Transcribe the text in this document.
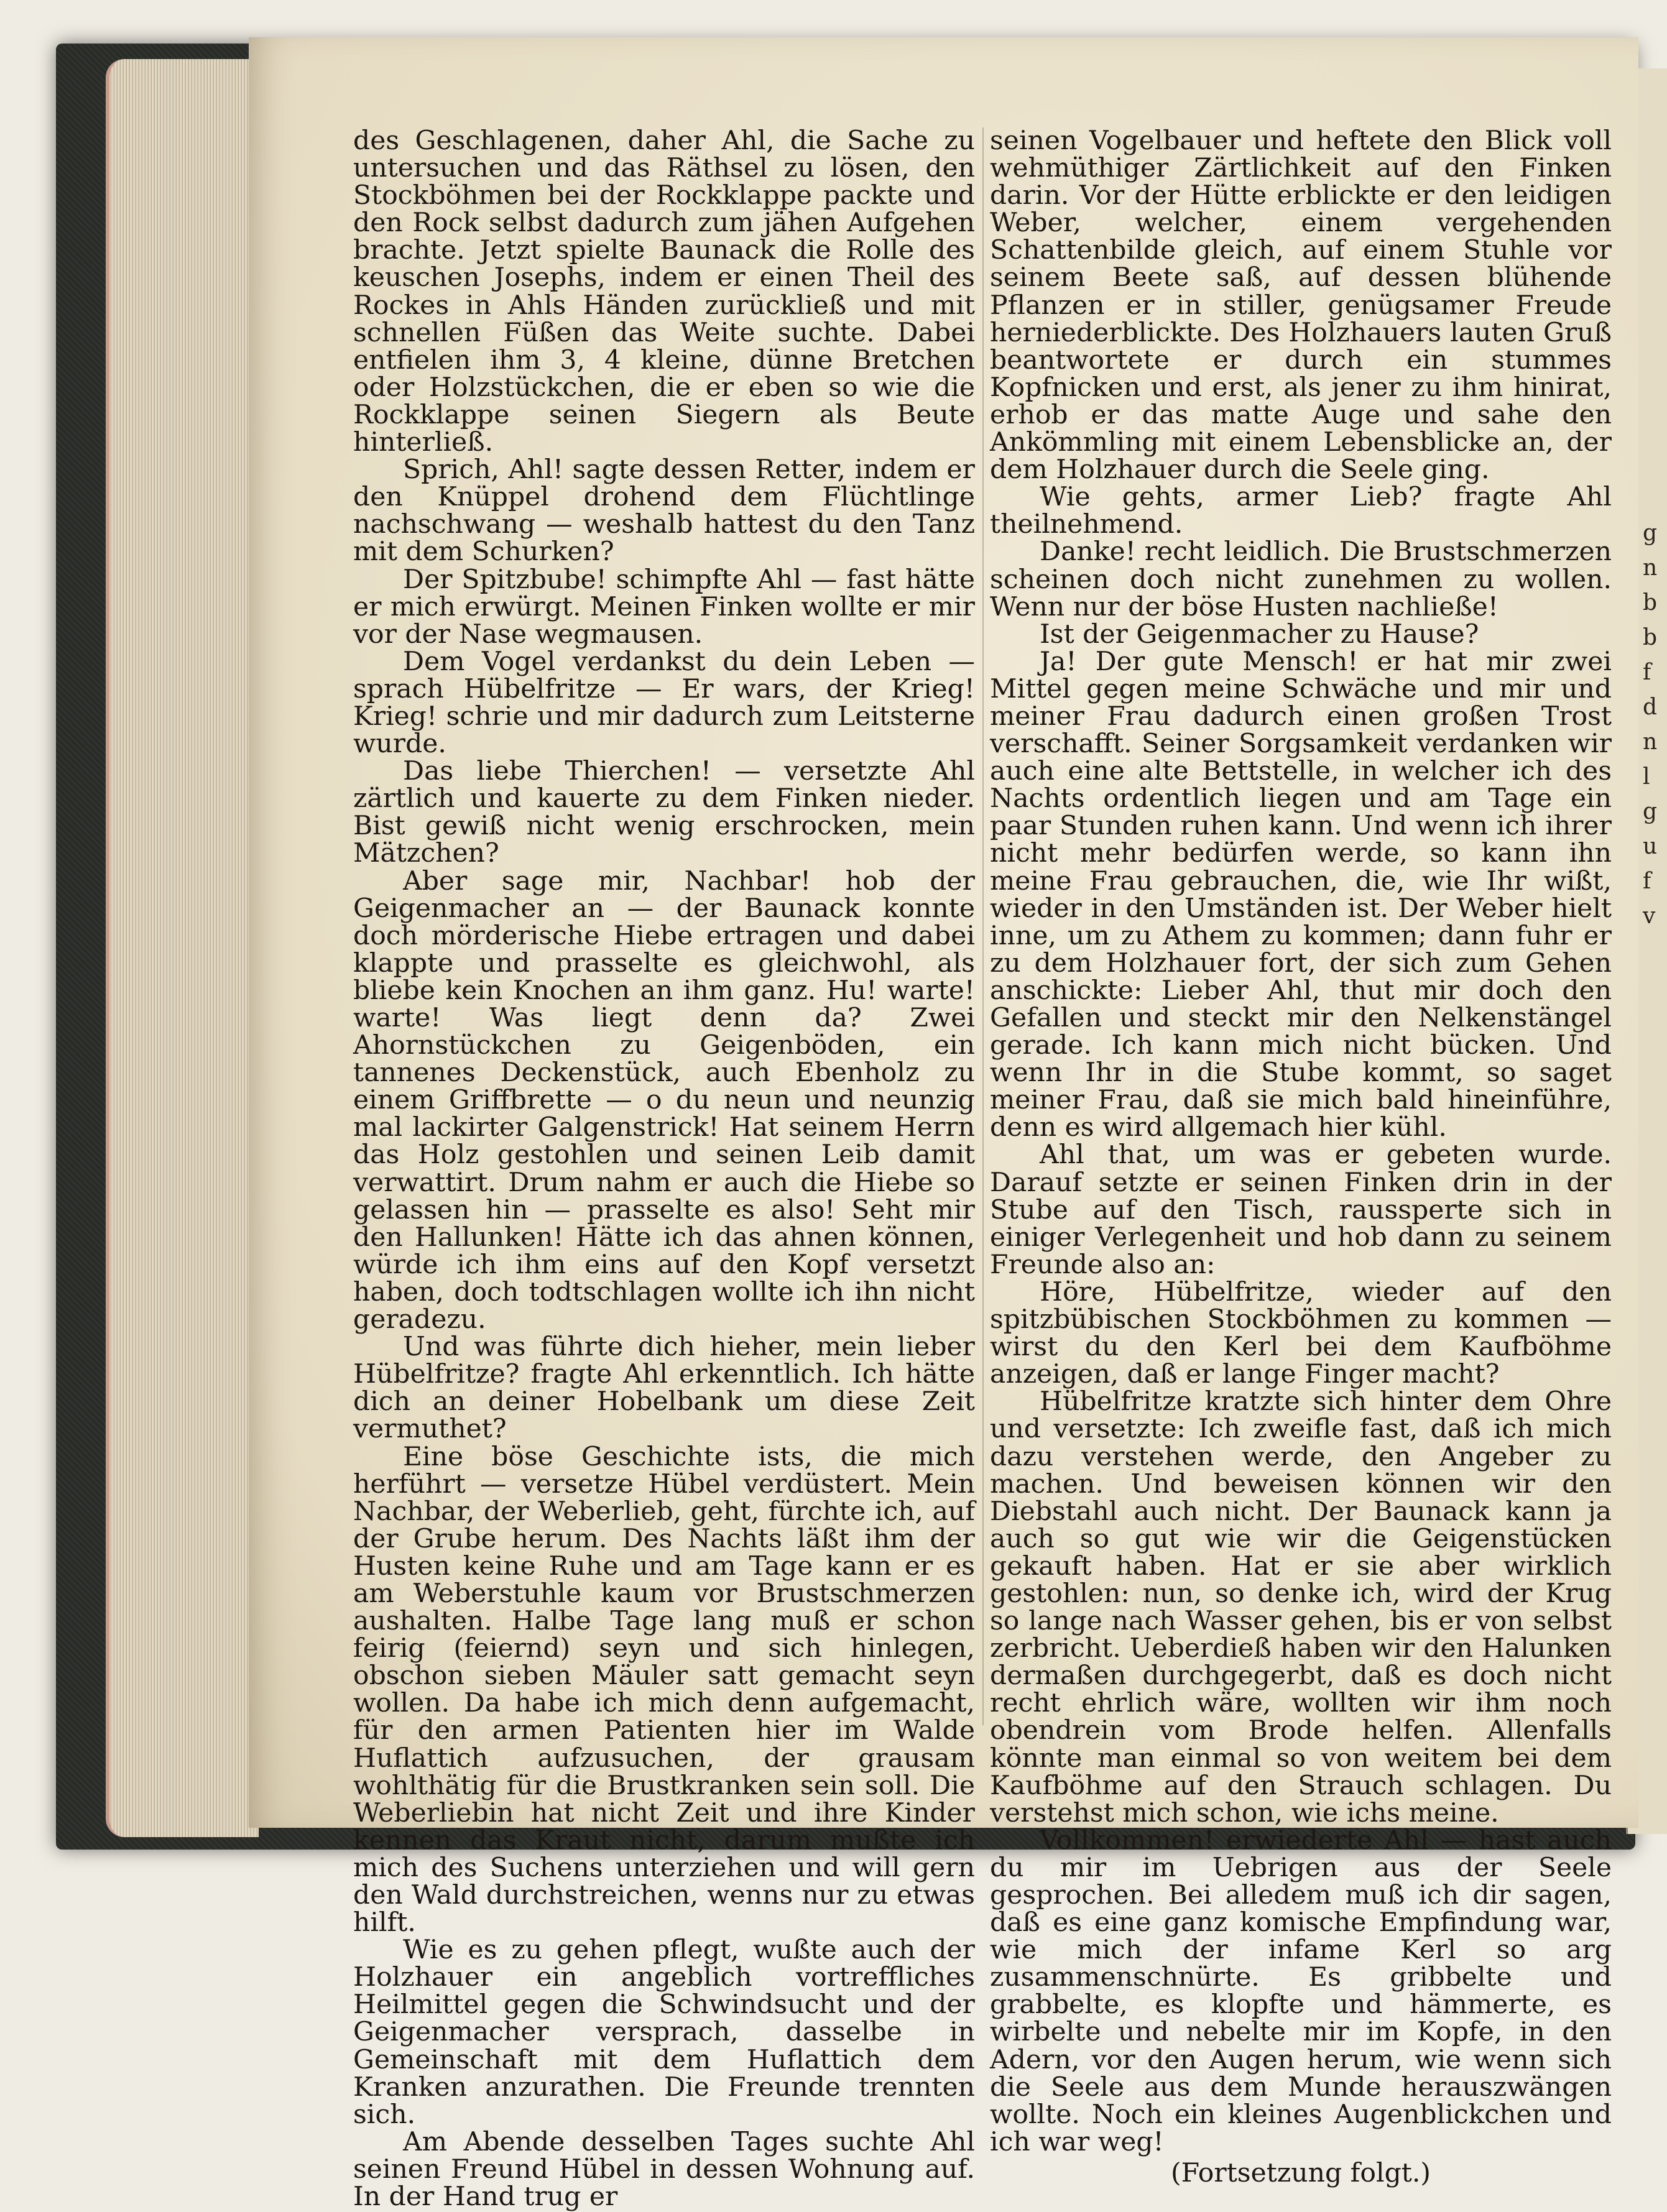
g
n
b
b
f
d
n
l
g
u
f
v

des Geschlagenen, daher Ahl, die Sache zu untersuchen und das Räthsel zu lösen, den Stockböhmen bei der Rockklappe packte und den Rock selbst dadurch zum jähen Aufgehen brachte. Jetzt spielte Baunack die Rolle des keuschen Josephs, indem er einen Theil des Rockes in Ahls Händen zurückließ und mit schnellen Füßen das Weite suchte. Dabei entfielen ihm 3, 4 kleine, dünne Bretchen oder Holzstückchen, die er eben so wie die Rockklappe seinen Siegern als Beute hinterließ.

Sprich, Ahl! sagte dessen Retter, indem er den Knüppel drohend dem Flüchtlinge nachschwang — weshalb hattest du den Tanz mit dem Schurken?

Der Spitzbube! schimpfte Ahl — fast hätte er mich erwürgt. Meinen Finken wollte er mir vor der Nase wegmausen.

Dem Vogel verdankst du dein Leben — sprach Hübelfritze — Er wars, der Krieg! Krieg! schrie und mir dadurch zum Leitsterne wurde.

Das liebe Thierchen! — versetzte Ahl zärtlich und kauerte zu dem Finken nieder. Bist gewiß nicht wenig erschrocken, mein Mätzchen?

Aber sage mir, Nachbar! hob der Geigenmacher an — der Baunack konnte doch mörderische Hiebe ertragen und dabei klappte und prasselte es gleichwohl, als bliebe kein Knochen an ihm ganz. Hu! warte! warte! Was liegt denn da? Zwei Ahornstückchen zu Geigenböden, ein tannenes Deckenstück, auch Ebenholz zu einem Griffbrette — o du neun und neunzig mal lackirter Galgenstrick! Hat seinem Herrn das Holz gestohlen und seinen Leib damit verwattirt. Drum nahm er auch die Hiebe so gelassen hin — prasselte es also! Seht mir den Hallunken! Hätte ich das ahnen können, würde ich ihm eins auf den Kopf versetzt haben, doch todtschlagen wollte ich ihn nicht geradezu.

Und was führte dich hieher, mein lieber Hübelfritze? fragte Ahl erkenntlich. Ich hätte dich an deiner Hobelbank um diese Zeit vermuthet?

Eine böse Geschichte ists, die mich herführt — versetze Hübel verdüstert. Mein Nachbar, der Weberlieb, geht, fürchte ich, auf der Grube herum. Des Nachts läßt ihm der Husten keine Ruhe und am Tage kann er es am Weberstuhle kaum vor Brustschmerzen aushalten. Halbe Tage lang muß er schon feirig (feiernd) seyn und sich hinlegen, obschon sieben Mäuler satt gemacht seyn wollen. Da habe ich mich denn aufgemacht, für den armen Patienten hier im Walde Huflattich aufzusuchen, der grausam wohlthätig für die Brustkranken sein soll. Die Weberliebin hat nicht Zeit und ihre Kinder kennen das Kraut nicht, darum mußte ich mich des Suchens unterziehen und will gern den Wald durchstreichen, wenns nur zu etwas hilft.

Wie es zu gehen pflegt, wußte auch der Holzhauer ein angeblich vortreffliches Heilmittel gegen die Schwindsucht und der Geigenmacher versprach, dasselbe in Gemeinschaft mit dem Huflattich dem Kranken anzurathen. Die Freunde trennten sich.

Am Abende desselben Tages suchte Ahl seinen Freund Hübel in dessen Wohnung auf. In der Hand trug er

seinen Vogelbauer und heftete den Blick voll wehmüthiger Zärtlichkeit auf den Finken darin. Vor der Hütte erblickte er den leidigen Weber, welcher, einem vergehenden Schattenbilde gleich, auf einem Stuhle vor seinem Beete saß, auf dessen blühende Pflanzen er in stiller, genügsamer Freude herniederblickte. Des Holzhauers lauten Gruß beantwortete er durch ein stummes Kopfnicken und erst, als jener zu ihm hinirat, erhob er das matte Auge und sahe den Ankömmling mit einem Lebensblicke an, der dem Holzhauer durch die Seele ging.

Wie gehts, armer Lieb? fragte Ahl theilnehmend.

Danke! recht leidlich. Die Brustschmerzen scheinen doch nicht zunehmen zu wollen. Wenn nur der böse Husten nachließe!

Ist der Geigenmacher zu Hause?

Ja! Der gute Mensch! er hat mir zwei Mittel gegen meine Schwäche und mir und meiner Frau dadurch einen großen Trost verschafft. Seiner Sorgsamkeit verdanken wir auch eine alte Bettstelle, in welcher ich des Nachts ordentlich liegen und am Tage ein paar Stunden ruhen kann. Und wenn ich ihrer nicht mehr bedürfen werde, so kann ihn meine Frau gebrauchen, die, wie Ihr wißt, wieder in den Umständen ist. Der Weber hielt inne, um zu Athem zu kommen; dann fuhr er zu dem Holzhauer fort, der sich zum Gehen anschickte: Lieber Ahl, thut mir doch den Gefallen und steckt mir den Nelkenstängel gerade. Ich kann mich nicht bücken. Und wenn Ihr in die Stube kommt, so saget meiner Frau, daß sie mich bald hineinführe, denn es wird allgemach hier kühl.

Ahl that, um was er gebeten wurde. Darauf setzte er seinen Finken drin in der Stube auf den Tisch, raussperte sich in einiger Verlegenheit und hob dann zu seinem Freunde also an:

Höre, Hübelfritze, wieder auf den spitzbübischen Stockböhmen zu kommen — wirst du den Kerl bei dem Kaufböhme anzeigen, daß er lange Finger macht?

Hübelfritze kratzte sich hinter dem Ohre und versetzte: Ich zweifle fast, daß ich mich dazu verstehen werde, den Angeber zu machen. Und beweisen können wir den Diebstahl auch nicht. Der Baunack kann ja auch so gut wie wir die Geigenstücken gekauft haben. Hat er sie aber wirklich gestohlen: nun, so denke ich, wird der Krug so lange nach Wasser gehen, bis er von selbst zerbricht. Ueberdieß haben wir den Halunken dermaßen durchgegerbt, daß es doch nicht recht ehrlich wäre, wollten wir ihm noch obendrein vom Brode helfen. Allenfalls könnte man einmal so von weitem bei dem Kaufböhme auf den Strauch schlagen. Du verstehst mich schon, wie ichs meine.

Vollkommen! erwiederte Ahl — hast auch du mir im Uebrigen aus der Seele gesprochen. Bei alledem muß ich dir sagen, daß es eine ganz komische Empfindung war, wie mich der infame Kerl so arg zusammenschnürte. Es gribbelte und grabbelte, es klopfte und hämmerte, es wirbelte und nebelte mir im Kopfe, in den Adern, vor den Augen herum, wie wenn sich die Seele aus dem Munde herauszwängen wollte. Noch ein kleines Augenblickchen und ich war weg!

(Fortsetzung folgt.)
